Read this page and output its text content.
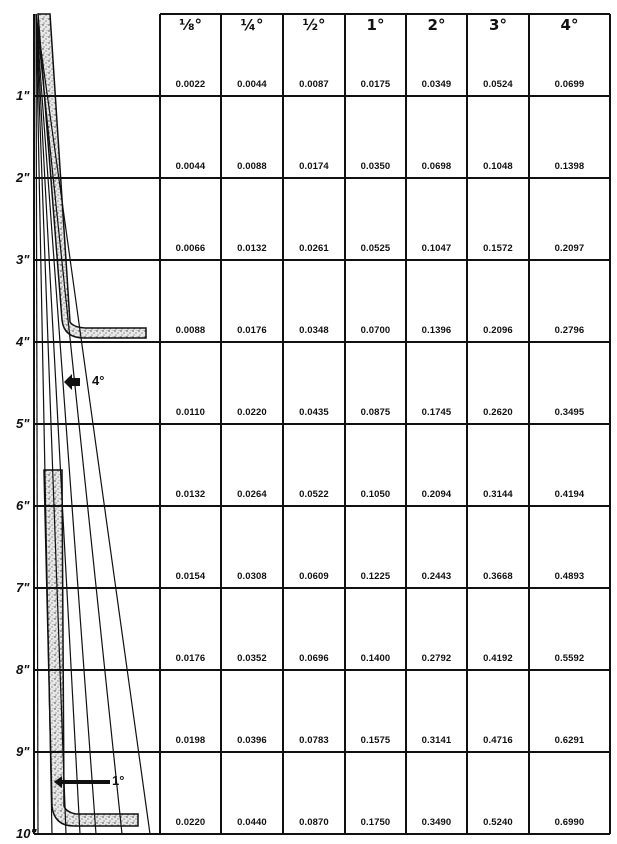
4°
1°
⅛°	¼°	½°	1°	2°	3°	4°
1"
0.0022	0.0044	0.0087	0.0175	0.0349	0.0524	0.0699
2"
0.0044	0.0088	0.0174	0.0350	0.0698	0.1048	0.1398
3"
0.0066	0.0132	0.0261	0.0525	0.1047	0.1572	0.2097
4"
0.0088	0.0176	0.0348	0.0700	0.1396	0.2096	0.2796
5"
0.0110	0.0220	0.0435	0.0875	0.1745	0.2620	0.3495
6"
0.0132	0.0264	0.0522	0.1050	0.2094	0.3144	0.4194
7"
0.0154	0.0308	0.0609	0.1225	0.2443	0.3668	0.4893
8"
0.0176	0.0352	0.0696	0.1400	0.2792	0.4192	0.5592
9"
0.0198	0.0396	0.0783	0.1575	0.3141	0.4716	0.6291
10"
0.0220	0.0440	0.0870	0.1750	0.3490	0.5240	0.6990
